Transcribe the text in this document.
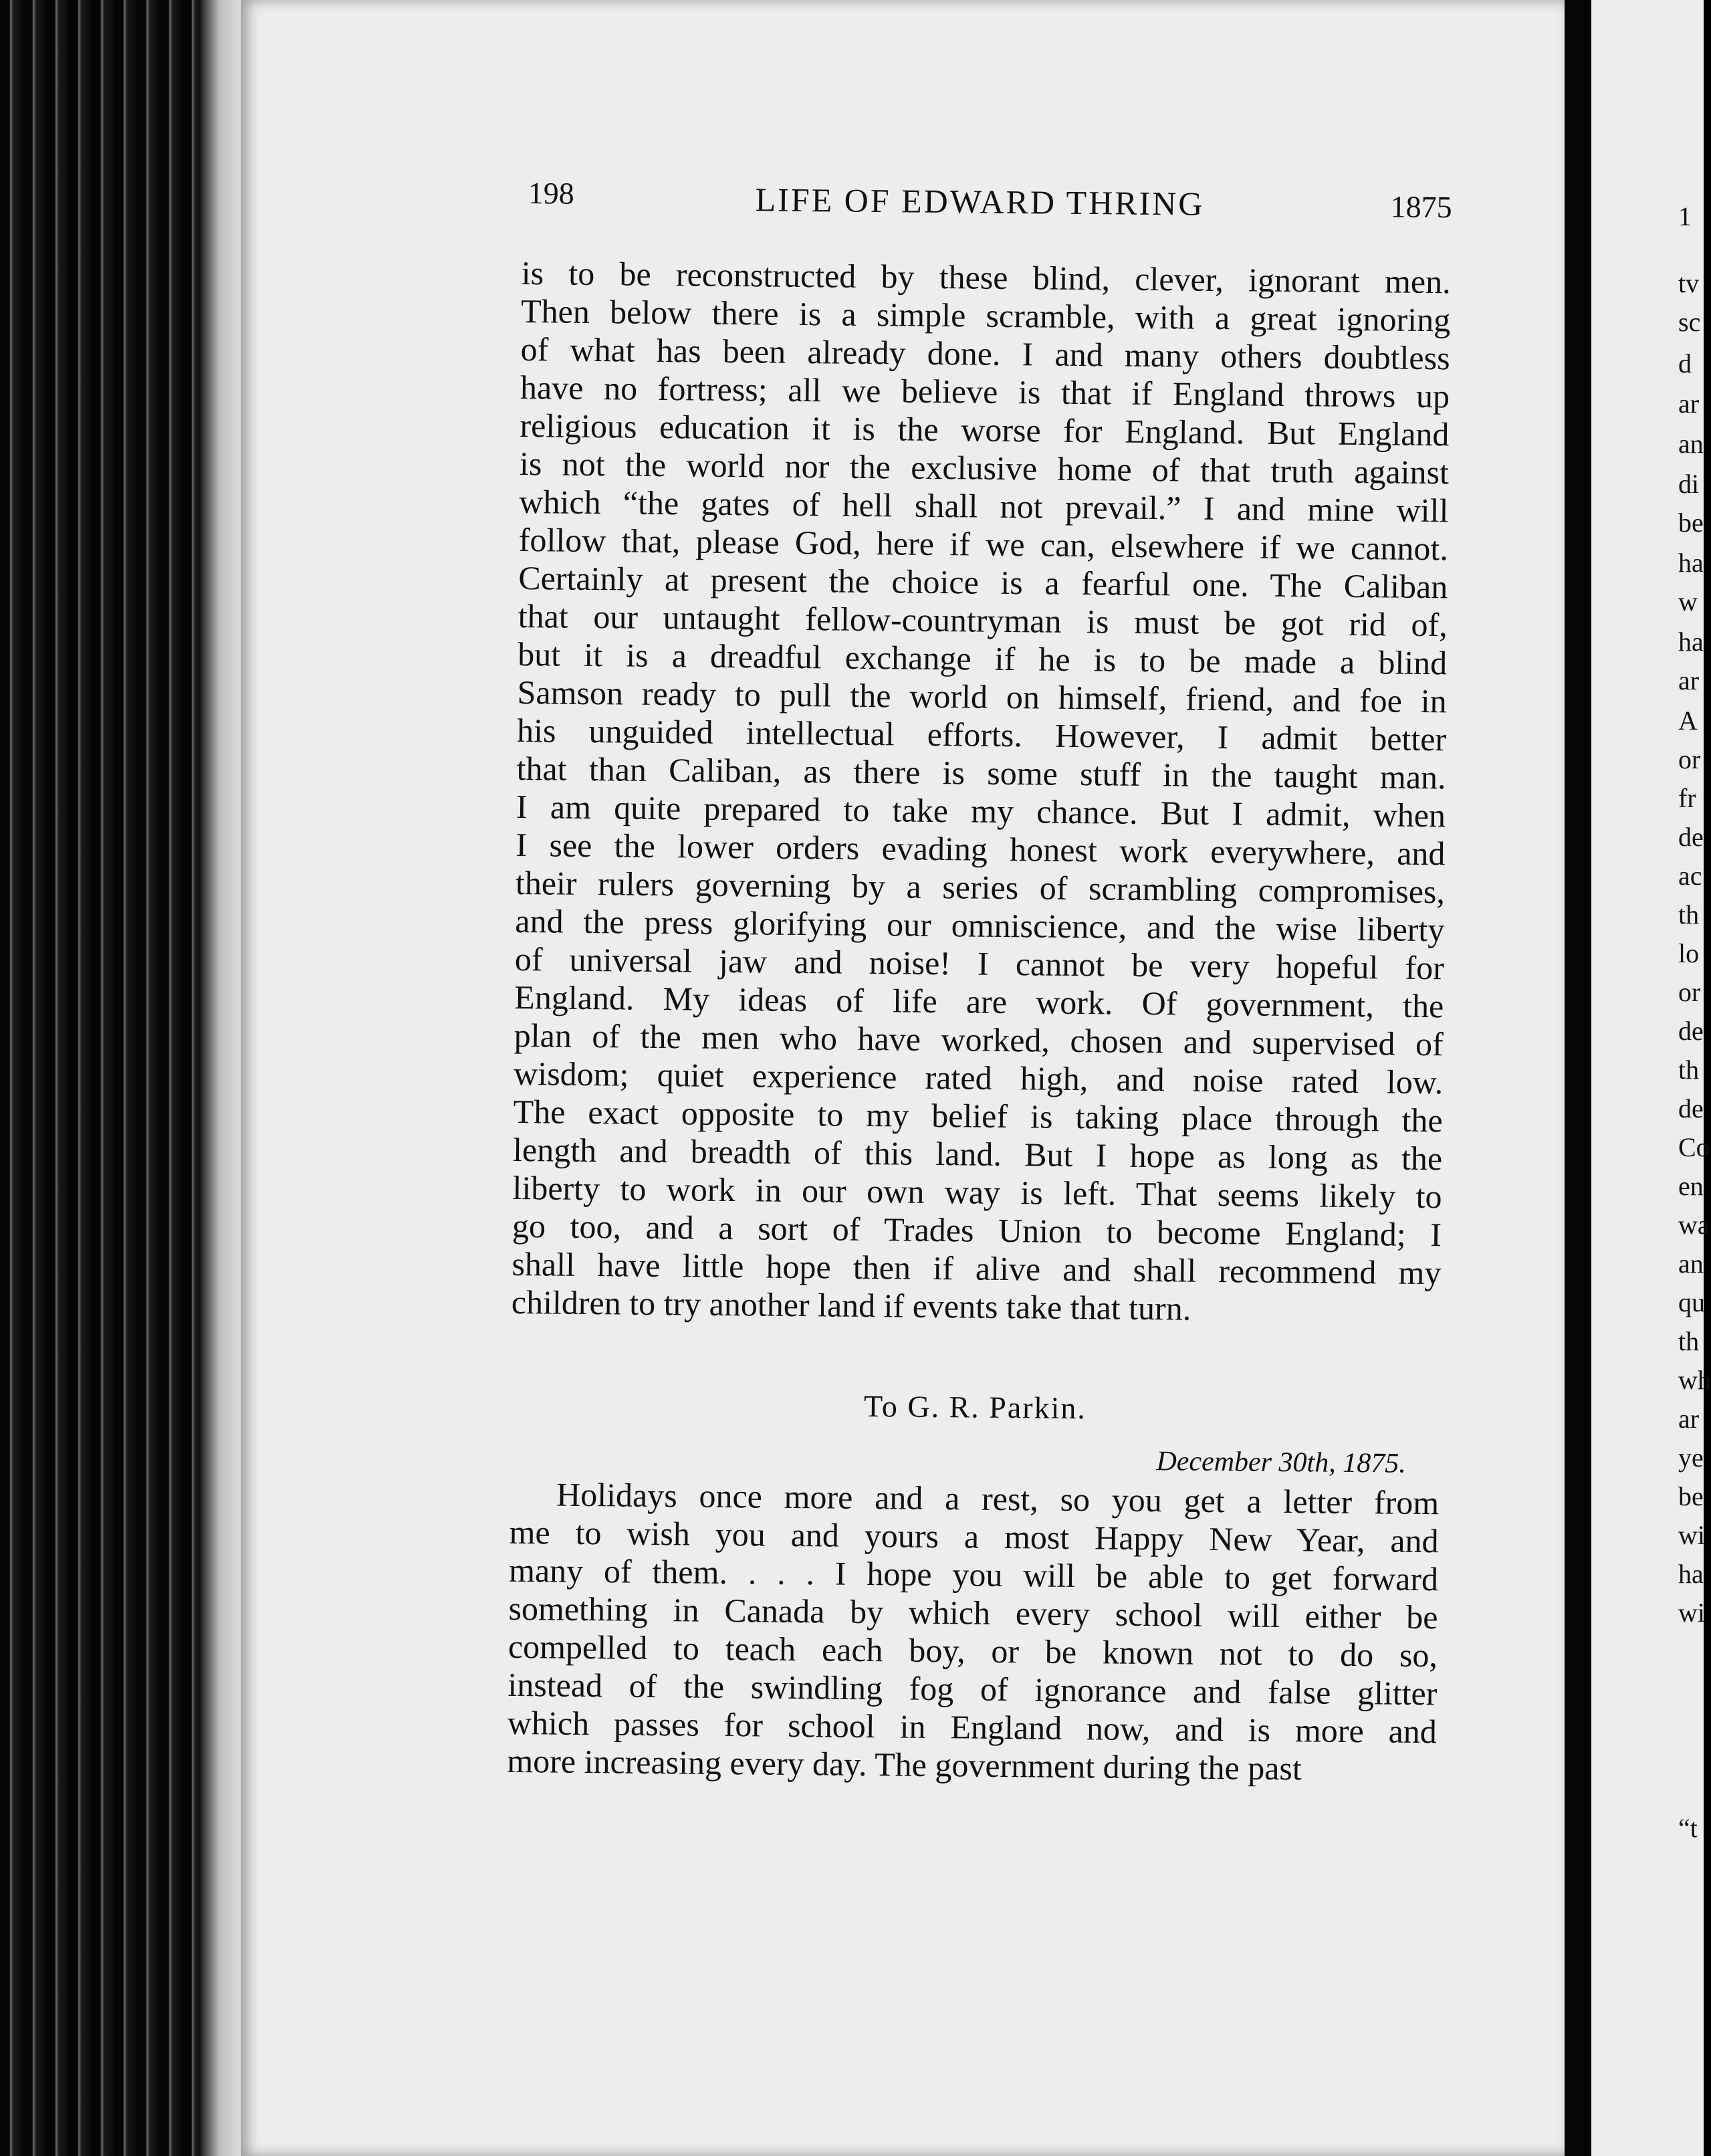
1
tv
sc
d
ar
an
di
be
ha
w
ha
ar
A
or
fr
de
ac
th
lo
or
de
th
de
Co
en
wa
an
qu
th
wh
ar
ye
be
wi
ha
wi
“t
198	LIFE OF EDWARD THRING	1875
is to be reconstructed by these blind, clever, ignorant men.
Then below there is a simple scramble, with a great ignoring
of what has been already done. I and many others doubtless
have no fortress; all we believe is that if England throws up
religious education it is the worse for England. But England
is not the world nor the exclusive home of that truth against
which “the gates of hell shall not prevail.” I and mine will
follow that, please God, here if we can, elsewhere if we cannot.
Certainly at present the choice is a fearful one. The Caliban
that our untaught fellow-countryman is must be got rid of,
but it is a dreadful exchange if he is to be made a blind
Samson ready to pull the world on himself, friend, and foe in
his unguided intellectual efforts. However, I admit better
that than Caliban, as there is some stuff in the taught man.
I am quite prepared to take my chance. But I admit, when
I see the lower orders evading honest work everywhere, and
their rulers governing by a series of scrambling compromises,
and the press glorifying our omniscience, and the wise liberty
of universal jaw and noise! I cannot be very hopeful for
England. My ideas of life are work. Of government, the
plan of the men who have worked, chosen and supervised of
wisdom; quiet experience rated high, and noise rated low.
The exact opposite to my belief is taking place through the
length and breadth of this land. But I hope as long as the
liberty to work in our own way is left. That seems likely to
go too, and a sort of Trades Union to become England; I
shall have little hope then if alive and shall recommend my
children to try another land if events take that turn.
To G. R. Parkin.
December 30th, 1875.
Holidays once more and a rest, so you get a letter from
me to wish you and yours a most Happy New Year, and
many of them. . . . I hope you will be able to get forward
something in Canada by which every school will either be
compelled to teach each boy, or be known not to do so,
instead of the swindling fog of ignorance and false glitter
which passes for school in England now, and is more and
more increasing every day. The government during the past
